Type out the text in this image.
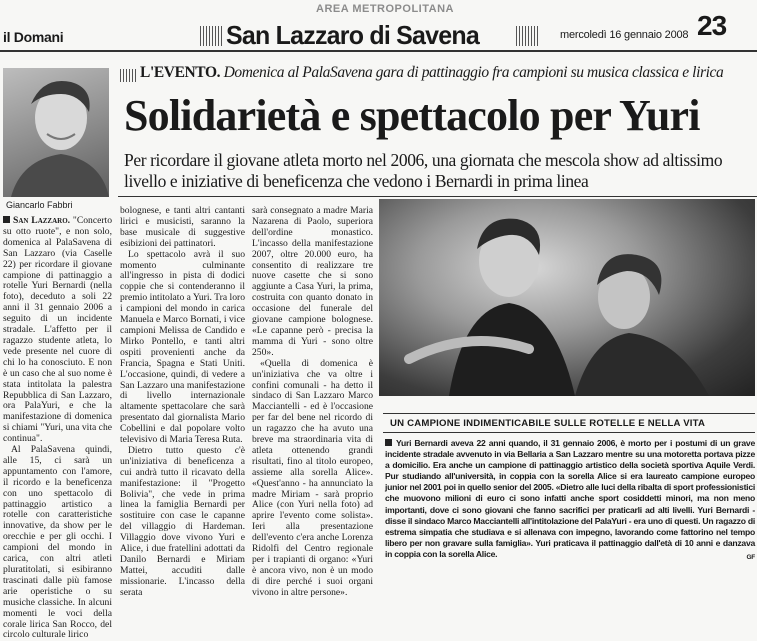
AREA METROPOLITANA
il Domani	San Lazzaro di Savena	mercoledì 16 gennaio 2008 23
Giancarlo Fabbri
L'EVENTO. Domenica al PalaSavena gara di pattinaggio fra campioni su musica classica e lirica
Solidarietà e spettacolo per Yuri
Per ricordare il giovane atleta morto nel 2006, una giornata che mescola show ad altissimo livello e iniziative di beneficenza che vedono i Bernardi in prima linea

San Lazzaro. "Concerto su otto ruote", e non solo, domenica al PalaSavena di San Lazzaro (via Caselle 22) per ricordare il giovane campione di pattinaggio a rotelle Yuri Bernardi (nella foto), deceduto a soli 22 anni il 31 gennaio 2006 a seguito di un incidente stradale. L'affetto per il ragazzo studente atleta, lo vede presente nel cuore di chi lo ha conosciuto. E non è un caso che al suo nome è stata intitolata la palestra Repubblica di San Lazzaro, ora PalaYuri, e che la manifestazione di domenica si chiami "Yuri, una vita che continua".

Al PalaSavena quindi, alle 15, ci sarà un appuntamento con l'amore, il ricordo e la beneficenza con uno spettacolo di pattinaggio artistico a rotelle con caratteristiche innovative, da show per le orecchie e per gli occhi. I campioni del mondo in carica, con altri atleti pluratitolati, si esibiranno trascinati dalle più famose arie operistiche o su musiche classiche. In alcuni momenti le voci della corale lirica San Rocco, del circolo culturale lirico

bolognese, e tanti altri cantanti lirici e musicisti, saranno la base musicale di suggestive esibizioni dei pattinatori.

Lo spettacolo avrà il suo momento culminante all'ingresso in pista di dodici coppie che si contenderanno il premio intitolato a Yuri. Tra loro i campioni del mondo in carica Manuela e Marco Bornati, i vice campioni Melissa de Candido e Mirko Pontello, e tanti altri ospiti provenienti anche da Francia, Spagna e Stati Uniti. L'occasione, quindi, di vedere a San Lazzaro una manifestazione di livello internazionale altamente spettacolare che sarà presentato dal giornalista Mario Cobellini e dal popolare volto televisivo di Maria Teresa Ruta.

Dietro tutto questo c'è un'iniziativa di beneficenza a cui andrà tutto il ricavato della manifestazione: il "Progetto Bolivia", che vede in prima linea la famiglia Bernardi per sostituire con case le capanne del villaggio di Hardeman. Villaggio dove vivono Yuri e Alice, i due fratellini adottati da Danilo Bernardi e Miriam Mattei, accuditi dalle missionarie. L'incasso della serata

sarà consegnato a madre Maria Nazarena di Paolo, superiora dell'ordine monastico. L'incasso della manifestazione 2007, oltre 20.000 euro, ha consentito di realizzare tre nuove casette che si sono aggiunte a Casa Yuri, la prima, costruita con quanto donato in occasione del funerale del giovane campione bolognese. «Le capanne però - precisa la mamma di Yuri - sono oltre 250».

«Quella di domenica è un'iniziativa che va oltre i confini comunali - ha detto il sindaco di San Lazzaro Marco Macciantelli - ed è l'occasione per far del bene nel ricordo di un ragazzo che ha avuto una breve ma straordinaria vita di atleta ottenendo grandi risultati, fino al titolo europeo, assieme alla sorella Alice». «Quest'anno - ha annunciato la madre Miriam - sarà proprio Alice (con Yuri nella foto) ad aprire l'evento come solista». Ieri alla presentazione dell'evento c'era anche Lorenza Ridolfi del Centro regionale per i trapianti di organo: «Yuri è ancora vivo, non è un modo di dire perché i suoi organi vivono in altre persone».

UN CAMPIONE INDIMENTICABILE SULLE ROTELLE E NELLA VITA
Yuri Bernardi aveva 22 anni quando, il 31 gennaio 2006, è morto per i postumi di un grave incidente stradale avvenuto in via Bellaria a San Lazzaro mentre su una motoretta portava pizze a domicilio. Era anche un campione di pattinaggio artistico della società sportiva Aquile Verdi. Pur studiando all'università, in coppia con la sorella Alice si era laureato campione europeo junior nel 2001 poi in quello senior del 2005. «Dietro alle luci della ribalta di sport professionistici che muovono milioni di euro ci sono infatti anche sport cosiddetti minori, ma non meno importanti, dove ci sono giovani che fanno sacrifici per praticarli ad alti livelli. Yuri Bernardi - disse il sindaco Marco Macciantelli all'intitolazione del PalaYuri - era uno di questi. Un ragazzo di estrema simpatia che studiava e si allenava con impegno, lavorando come fattorino nel tempo libero per non gravare sulla famiglia». Yuri praticava il pattinaggio dall'età di 10 anni e danzava in coppia con la sorella Alice.	GF
